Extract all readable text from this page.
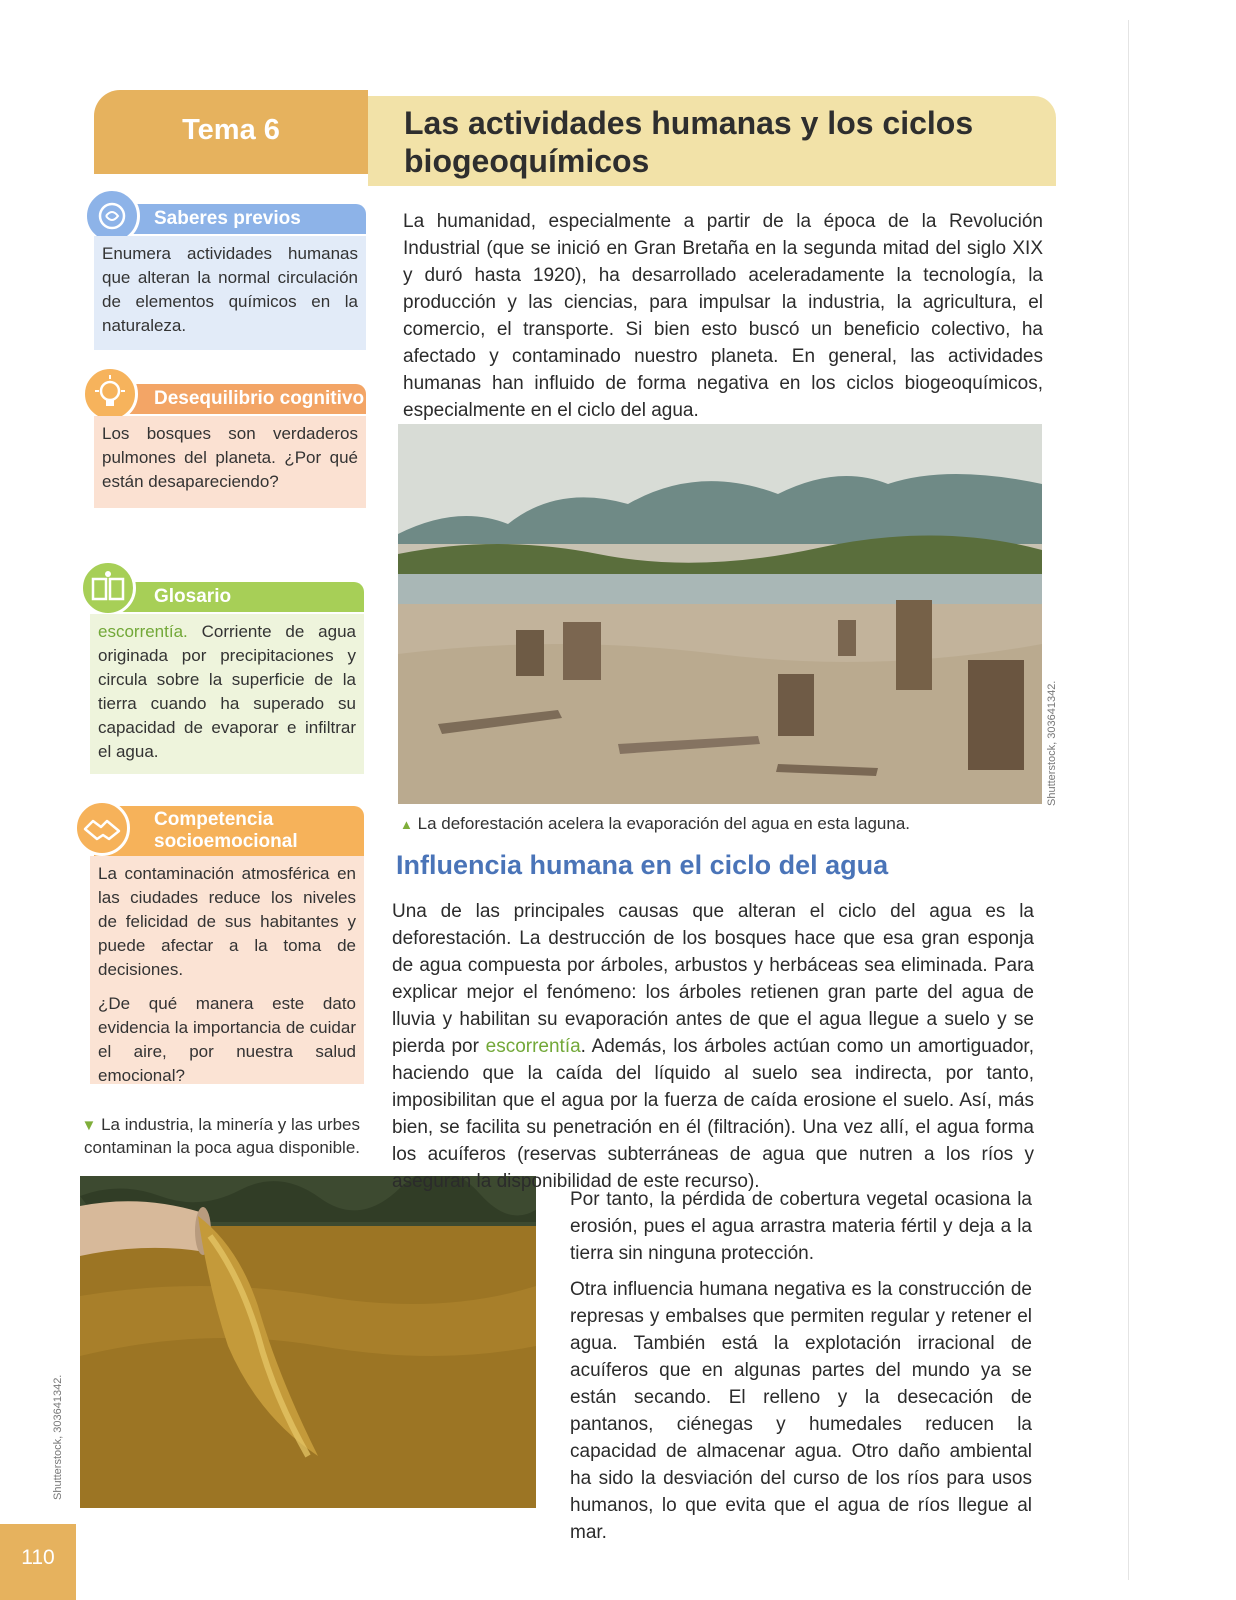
Tema 6	Las actividades humanas y los ciclos biogeoquímicos
Saberes previos
Enumera actividades humanas que alteran la normal circulación de elementos químicos en la naturaleza.
Desequilibrio cognitivo
Los bosques son verdaderos pulmones del planeta. ¿Por qué están desapareciendo?
Glosario
escorrentía. Corriente de agua originada por precipitaciones y circula sobre la superficie de la tierra cuando ha superado su capacidad de evaporar e infiltrar el agua.
Competencia
socioemocional

La contaminación atmosférica en las ciudades reduce los niveles de felicidad de sus habitantes y puede afectar a la toma de decisiones.

¿De qué manera este dato evidencia la importancia de cuidar el aire, por nuestra salud emocional?

▼ La industria, la minería y las urbes contaminan la poca agua disponible.
Shutterstock, 303641342.
110

La humanidad, especialmente a partir de la época de la Revolución Industrial (que se inició en Gran Bretaña en la segunda mitad del siglo XIX y duró hasta 1920), ha desarrollado aceleradamente la tecnología, la producción y las ciencias, para impulsar la industria, la agricultura, el comercio, el transporte. Si bien esto buscó un beneficio colectivo, ha afectado y contaminado nuestro planeta. En general, las actividades humanas han influido de forma negativa en los ciclos biogeoquímicos, especialmente en el ciclo del agua.

Shutterstock, 303641342.
▲ La deforestación acelera la evaporación del agua en esta laguna.
Influencia humana en el ciclo del agua

Una de las principales causas que alteran el ciclo del agua es la deforestación. La destrucción de los bosques hace que esa gran esponja de agua compuesta por árboles, arbustos y herbáceas sea eliminada. Para explicar mejor el fenómeno: los árboles retienen gran parte del agua de lluvia y habilitan su evaporación antes de que el agua llegue a suelo y se pierda por escorrentía. Además, los árboles actúan como un amortiguador, haciendo que la caída del líquido al suelo sea indirecta, por tanto, imposibilitan que el agua por la fuerza de caída erosione el suelo. Así, más bien, se facilita su penetración en él (filtración). Una vez allí, el agua forma los acuíferos (reservas subterráneas de agua que nutren a los ríos y aseguran la disponibilidad de este recurso).

Por tanto, la pérdida de cobertura vegetal ocasiona la erosión, pues el agua arrastra materia fértil y deja a la tierra sin ninguna protección.

Otra influencia humana negativa es la construcción de represas y embalses que permiten regular y retener el agua. También está la explotación irracional de acuíferos que en algunas partes del mundo ya se están secando. El relleno y la desecación de pantanos, ciénegas y humedales reducen la capacidad de almacenar agua. Otro daño ambiental ha sido la desviación del curso de los ríos para usos humanos, lo que evita que el agua de ríos llegue al mar.
